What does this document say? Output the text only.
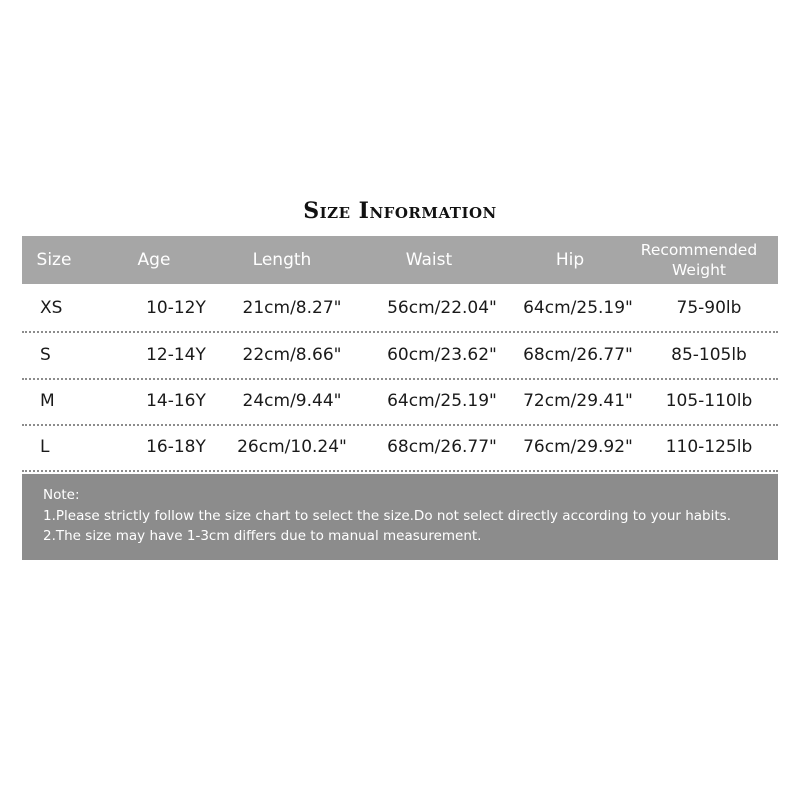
Size Information
Size	Age	Length	Waist	Hip	Recommended Weight
XS	10-12Y	21cm/8.27"	56cm/22.04"	64cm/25.19"	75-90lb
S	12-14Y	22cm/8.66"	60cm/23.62"	68cm/26.77"	85-105lb
M	14-16Y	24cm/9.44"	64cm/25.19"	72cm/29.41"	105-110lb
L	16-18Y	26cm/10.24"	68cm/26.77"	76cm/29.92"	110-125lb
Note:
1.Please strictly follow the size chart to select the size.Do not select directly according to your habits.
2.The size may have 1-3cm differs due to manual measurement.
